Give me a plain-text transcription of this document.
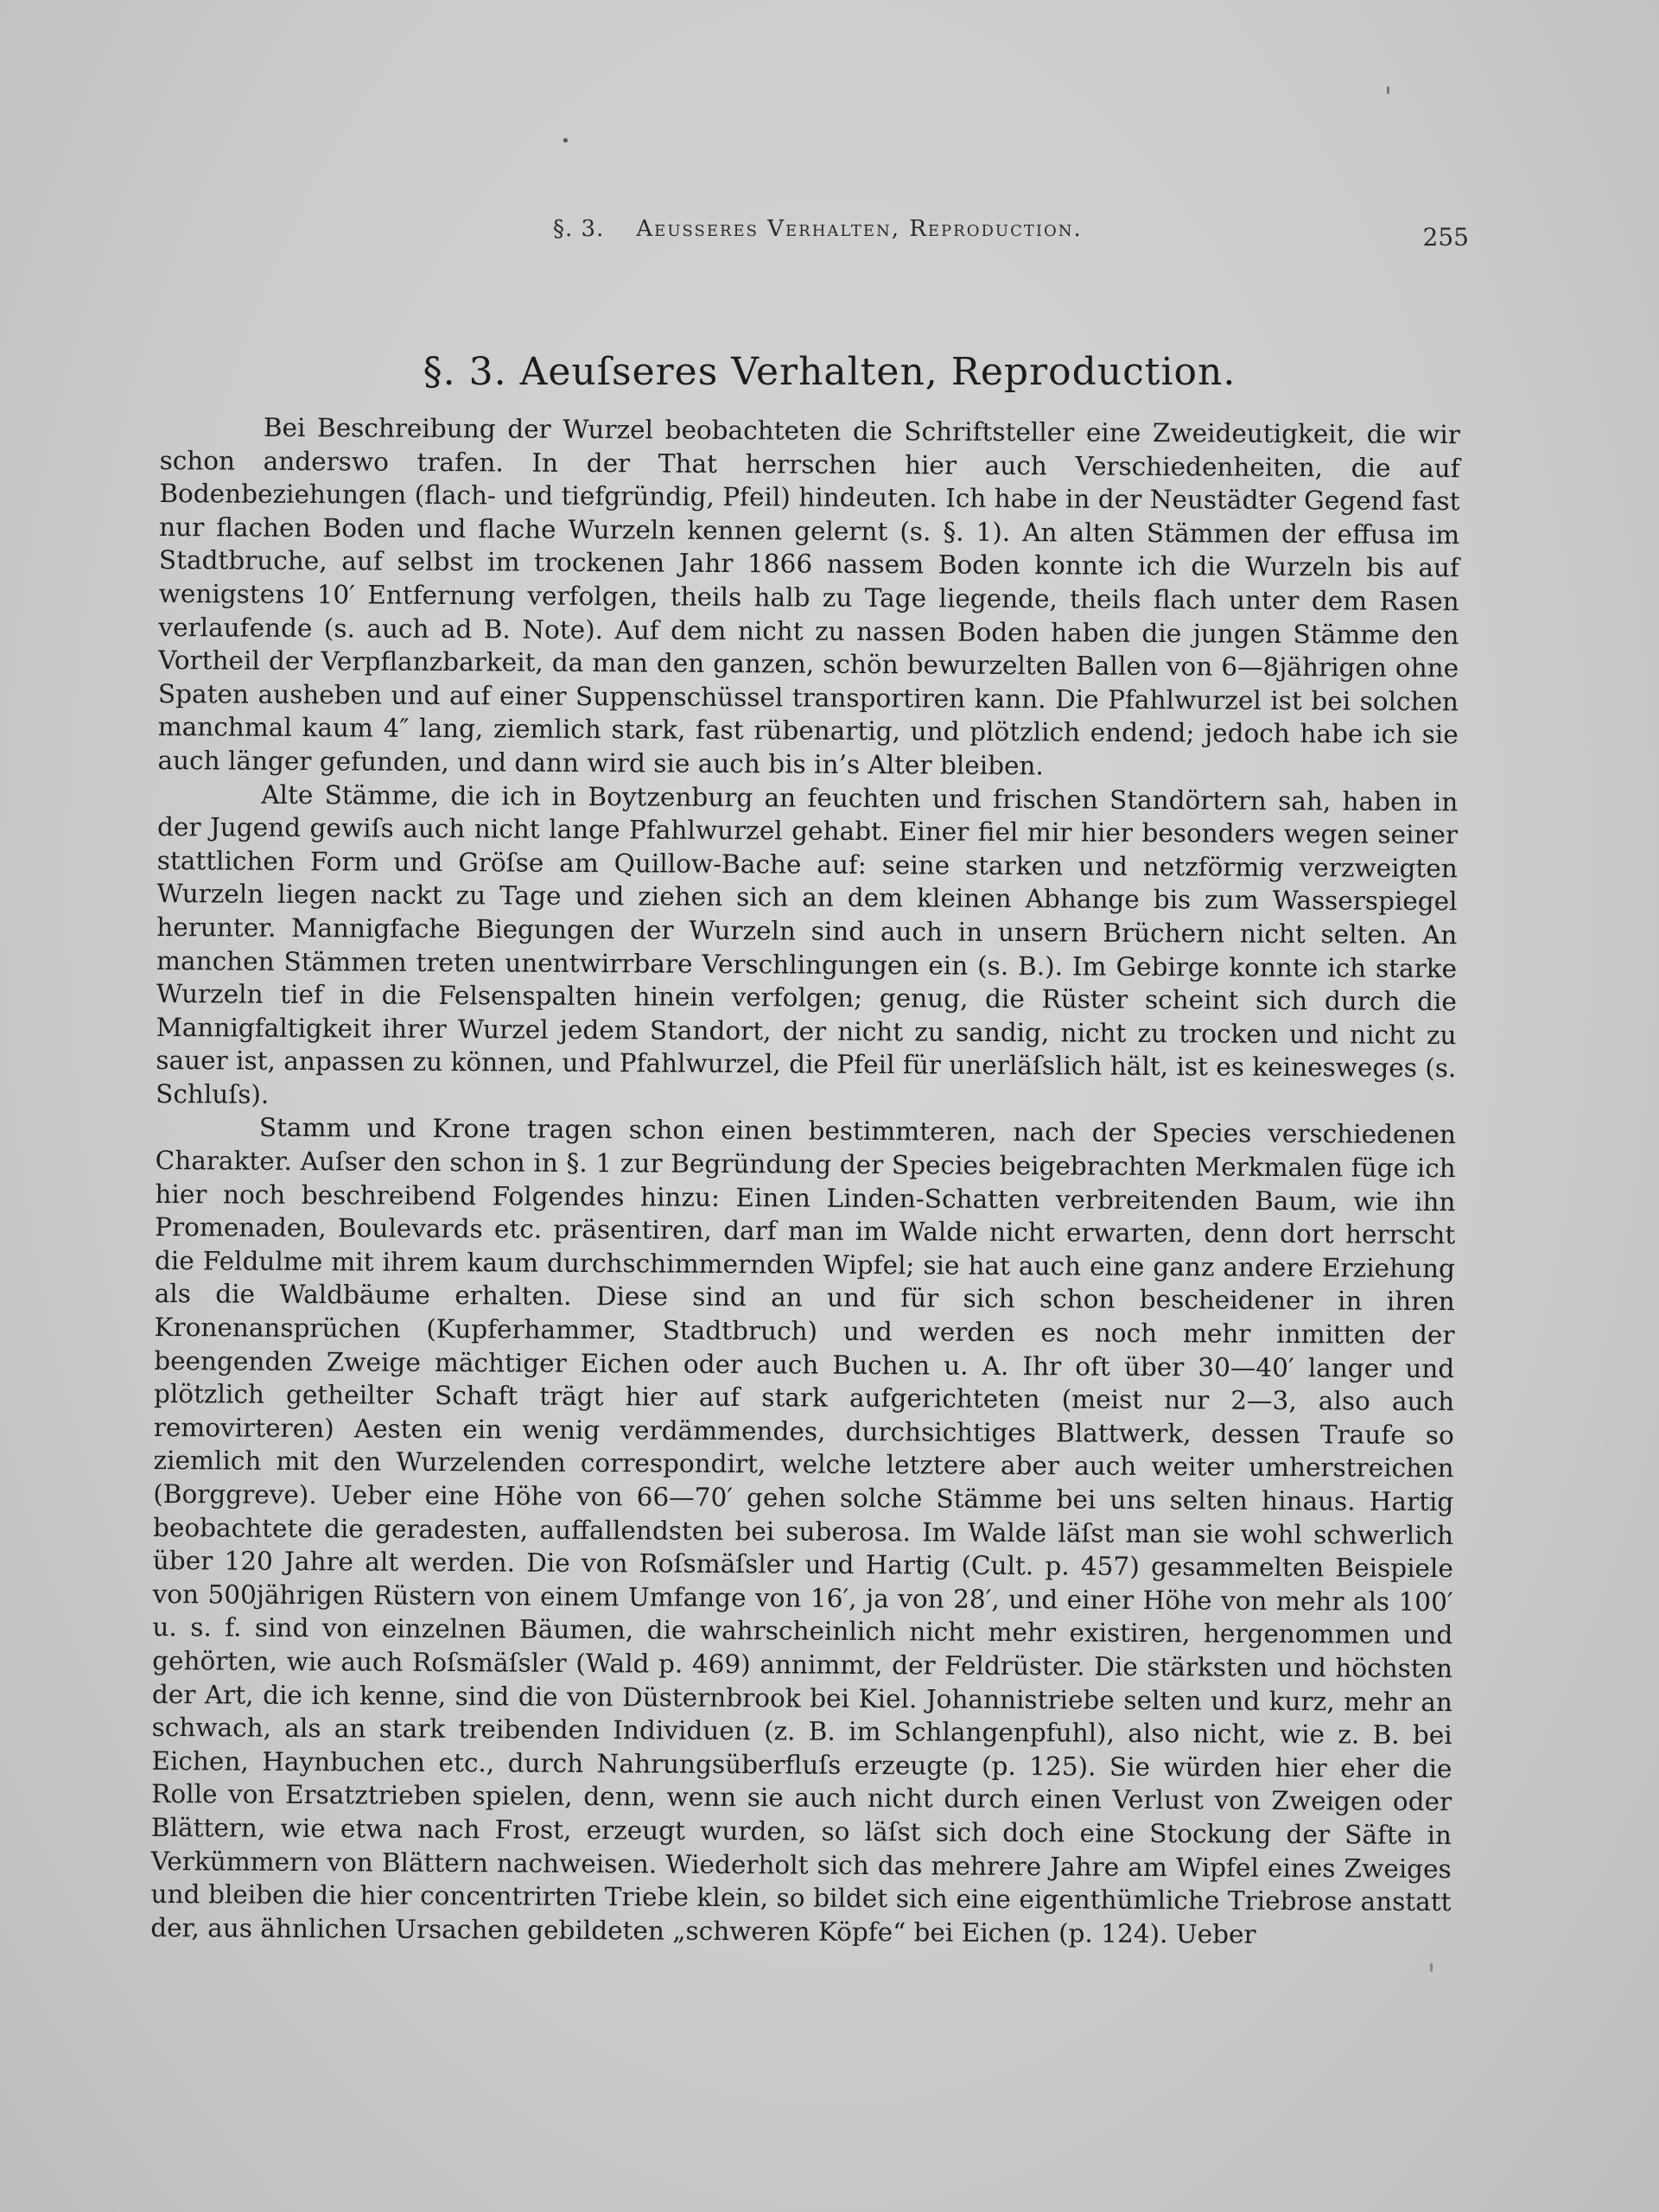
§. 3. Aeusseres Verhalten, Reproduction.	255
§. 3. Aeuſseres Verhalten, Reproduction.

Bei Beschreibung der Wurzel beobachteten die Schriftsteller eine Zweideutigkeit, die wir schon anderswo trafen. In der That herrschen hier auch Verschiedenheiten, die auf Bodenbeziehungen (flach- und tiefgründig, Pfeil) hindeuten. Ich habe in der Neustädter Gegend fast nur flachen Boden und flache Wurzeln kennen gelernt (s. §. 1). An alten Stämmen der effusa im Stadtbruche, auf selbst im trockenen Jahr 1866 nassem Boden konnte ich die Wurzeln bis auf wenigstens 10′ Entfernung verfolgen, theils halb zu Tage liegende, theils flach unter dem Rasen verlaufende (s. auch ad B. Note). Auf dem nicht zu nassen Boden haben die jungen Stämme den Vortheil der Verpflanzbarkeit, da man den ganzen, schön bewurzelten Ballen von 6—8jährigen ohne Spaten ausheben und auf einer Suppenschüssel transportiren kann. Die Pfahlwurzel ist bei solchen manchmal kaum 4″ lang, ziemlich stark, fast rübenartig, und plötzlich endend; jedoch habe ich sie auch länger gefunden, und dann wird sie auch bis in’s Alter bleiben.

Alte Stämme, die ich in Boytzenburg an feuchten und frischen Standörtern sah, haben in der Jugend gewiſs auch nicht lange Pfahlwurzel gehabt. Einer fiel mir hier besonders wegen seiner stattlichen Form und Gröſse am Quillow-Bache auf: seine starken und netzförmig verzweigten Wurzeln liegen nackt zu Tage und ziehen sich an dem kleinen Abhange bis zum Wasserspiegel herunter. Mannigfache Biegungen der Wurzeln sind auch in unsern Brüchern nicht selten. An manchen Stämmen treten unentwirrbare Verschlingungen ein (s. B.). Im Gebirge konnte ich starke Wurzeln tief in die Felsenspalten hinein verfolgen; genug, die Rüster scheint sich durch die Mannigfaltigkeit ihrer Wurzel jedem Standort, der nicht zu sandig, nicht zu trocken und nicht zu sauer ist, anpassen zu können, und Pfahlwurzel, die Pfeil für unerläſslich hält, ist es keinesweges (s. Schluſs).

Stamm und Krone tragen schon einen bestimmteren, nach der Species verschiedenen Charakter. Auſser den schon in §. 1 zur Begründung der Species beigebrachten Merkmalen füge ich hier noch beschreibend Folgendes hinzu: Einen Linden-Schatten verbreitenden Baum, wie ihn Promenaden, Boulevards etc. präsentiren, darf man im Walde nicht erwarten, denn dort herrscht die Feldulme mit ihrem kaum durchschimmernden Wipfel; sie hat auch eine ganz andere Erziehung als die Waldbäume erhalten. Diese sind an und für sich schon bescheidener in ihren Kronenansprüchen (Kupferhammer, Stadtbruch) und werden es noch mehr inmitten der beengenden Zweige mächtiger Eichen oder auch Buchen u. A. Ihr oft über 30—40′ langer und plötzlich getheilter Schaft trägt hier auf stark aufgerichteten (meist nur 2—3, also auch removirteren) Aesten ein wenig verdämmendes, durchsichtiges Blattwerk, dessen Traufe so ziemlich mit den Wurzelenden correspondirt, welche letztere aber auch weiter umherstreichen (Borggreve). Ueber eine Höhe von 66—70′ gehen solche Stämme bei uns selten hinaus. Hartig beobachtete die geradesten, auffallendsten bei suberosa. Im Walde läſst man sie wohl schwerlich über 120 Jahre alt werden. Die von Roſsmäſsler und Hartig (Cult. p. 457) gesammelten Beispiele von 500jährigen Rüstern von einem Umfange von 16′, ja von 28′, und einer Höhe von mehr als 100′ u. s. f. sind von einzelnen Bäumen, die wahrscheinlich nicht mehr existiren, hergenommen und gehörten, wie auch Roſsmäſsler (Wald p. 469) annimmt, der Feldrüster. Die stärksten und höchsten der Art, die ich kenne, sind die von Düsternbrook bei Kiel. Johannistriebe selten und kurz, mehr an schwach, als an stark treibenden Individuen (z. B. im Schlangenpfuhl), also nicht, wie z. B. bei Eichen, Haynbuchen etc., durch Nahrungsüberfluſs erzeugte (p. 125). Sie würden hier eher die Rolle von Ersatztrieben spielen, denn, wenn sie auch nicht durch einen Verlust von Zweigen oder Blättern, wie etwa nach Frost, erzeugt wurden, so läſst sich doch eine Stockung der Säfte in Verkümmern von Blättern nachweisen. Wiederholt sich das mehrere Jahre am Wipfel eines Zweiges und bleiben die hier concentrirten Triebe klein, so bildet sich eine eigenthümliche Triebrose anstatt der, aus ähnlichen Ursachen gebildeten „schweren Köpfe“ bei Eichen (p. 124). Ueber
